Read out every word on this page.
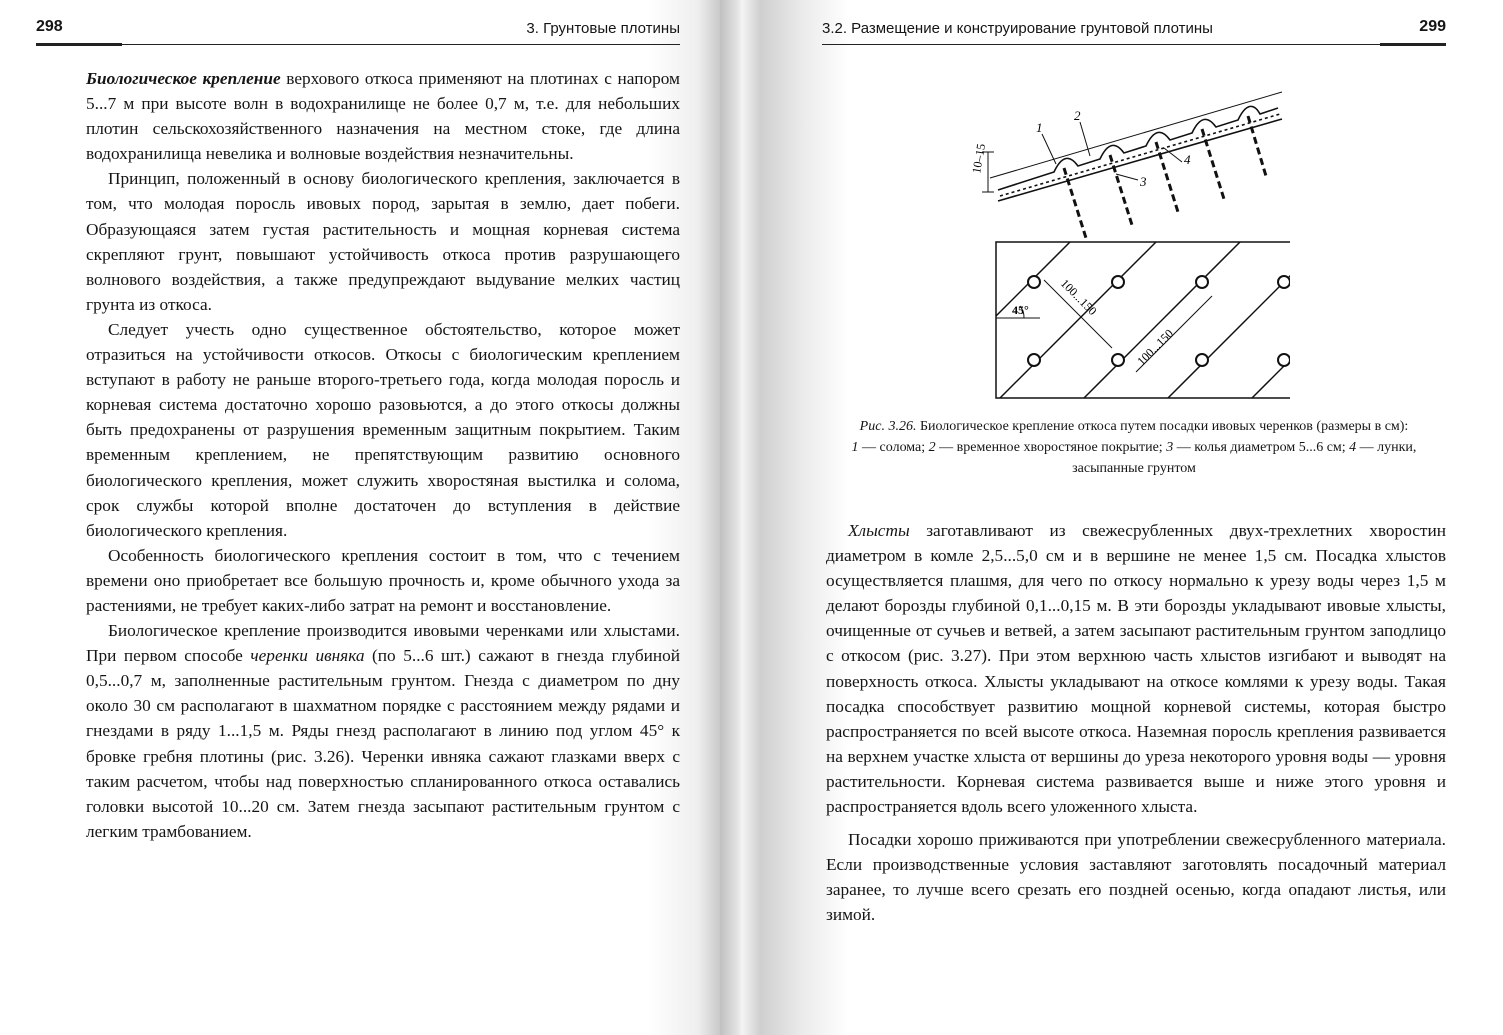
298	3. Грунтовые плотины

Биологическое крепление верхового откоса применяют на плотинах с напором 5...7 м при высоте волн в водохранилище не более 0,7 м, т.е. для небольших плотин сельскохозяйственного назначения на местном стоке, где длина водохранилища невелика и волновые воздействия незначительны.

Принцип, положенный в основу биологического крепления, заключается в том, что молодая поросль ивовых пород, зарытая в землю, дает побеги. Образующаяся затем густая растительность и мощная корневая система скрепляют грунт, повышают устойчивость откоса против разрушающего волнового воздействия, а также предупреждают выдувание мелких частиц грунта из откоса.

Следует учесть одно существенное обстоятельство, которое может отразиться на устойчивости откосов. Откосы с биологическим креплением вступают в работу не раньше второго-третьего года, когда молодая поросль и корневая система достаточно хорошо разовьются, а до этого откосы должны быть предохранены от разрушения временным защитным покрытием. Таким временным креплением, не препятствующим развитию основного биологического крепления, может служить хворостяная выстилка и солома, срок службы которой вполне достаточен до вступления в действие биологического крепления.

Особенность биологического крепления состоит в том, что с течением времени оно приобретает все большую прочность и, кроме обычного ухода за растениями, не требует каких-либо затрат на ремонт и восстановление.

Биологическое крепление производится ивовыми черенками или хлыстами. При первом способе черенки ивняка (по 5...6 шт.) сажают в гнезда глубиной 0,5...0,7 м, заполненные растительным грунтом. Гнезда с диаметром по дну около 30 см располагают в шахматном порядке с расстоянием между рядами и гнездами в ряду 1...1,5 м. Ряды гнезд располагают в линию под углом 45° к бровке гребня плотины (рис. 3.26). Черенки ивняка сажают глазками вверх с таким расчетом, чтобы над поверхностью спланированного откоса оставались головки высотой 10...20 см. Затем гнезда засыпают растительным грунтом с легким трамбованием.

3.2. Размещение и конструирование грунтовой плотины	299
10–15
1
2
3
4
45° 100...150
100...150
Рис. 3.26. Биологическое крепление откоса путем посадки ивовых черенков (размеры в см):
1 — солома; 2 — временное хворостяное покрытие; 3 — колья диаметром 5...6 см; 4 — лунки, засыпанные грунтом

Хлысты заготавливают из свежесрубленных двух-трехлетних хворостин диаметром в комле 2,5...5,0 см и в вершине не менее 1,5 см. Посадка хлыстов осуществляется плашмя, для чего по откосу нормально к урезу воды через 1,5 м делают борозды глубиной 0,1...0,15 м. В эти борозды укладывают ивовые хлысты, очищенные от сучьев и ветвей, а затем засыпают растительным грунтом заподлицо с откосом (рис. 3.27). При этом верхнюю часть хлыстов изгибают и выводят на поверхность откоса. Хлысты укладывают на откосе комлями к урезу воды. Такая посадка способствует развитию мощной корневой системы, которая быстро распространяется по всей высоте откоса. Наземная поросль крепления развивается на верхнем участке хлыста от вершины до уреза некоторого уровня воды — уровня растительности. Корневая система развивается выше и ниже этого уровня и распространяется вдоль всего уложенного хлыста.

Посадки хорошо приживаются при употреблении свежесрубленного материала. Если производственные условия заставляют заготовлять посадочный материал заранее, то лучше всего срезать его поздней осенью, когда опадают листья, или зимой.
